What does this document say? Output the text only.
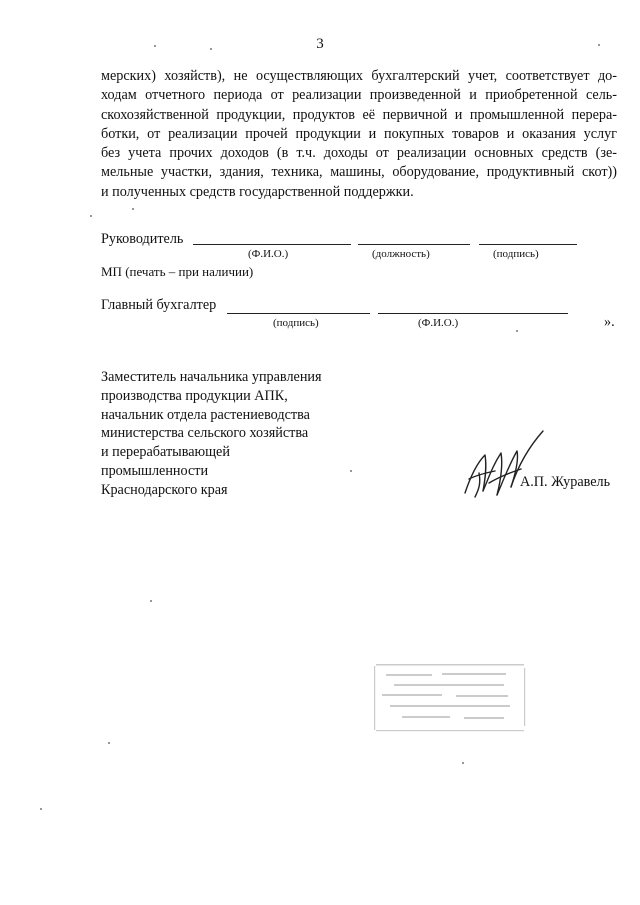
3
мерских) хозяйств), не осуществляющих бухгалтерский учет, соответствует до-
ходам отчетного периода от реализации произведенной и приобретенной сель-
скохозяйственной продукции, продуктов её первичной и промышленной перера-
ботки, от реализации прочей продукции и покупных товаров и оказания услуг
без учета прочих доходов (в т.ч. доходы от реализации основных средств (зе-
мельные участки, здания, техника, машины, оборудование, продуктивный скот))
и полученных средств государственной поддержки.
Руководитель
(Ф.И.О.)	(должность)	(подпись)
МП (печать – при наличии)
Главный бухгалтер
(подпись)	(Ф.И.О.)	».
Заместитель начальника управления
производства продукции АПК,
начальник отдела растениеводства
министерства сельского хозяйства
и перерабатывающей
промышленности
Краснодарского края	А.П. Журавель
